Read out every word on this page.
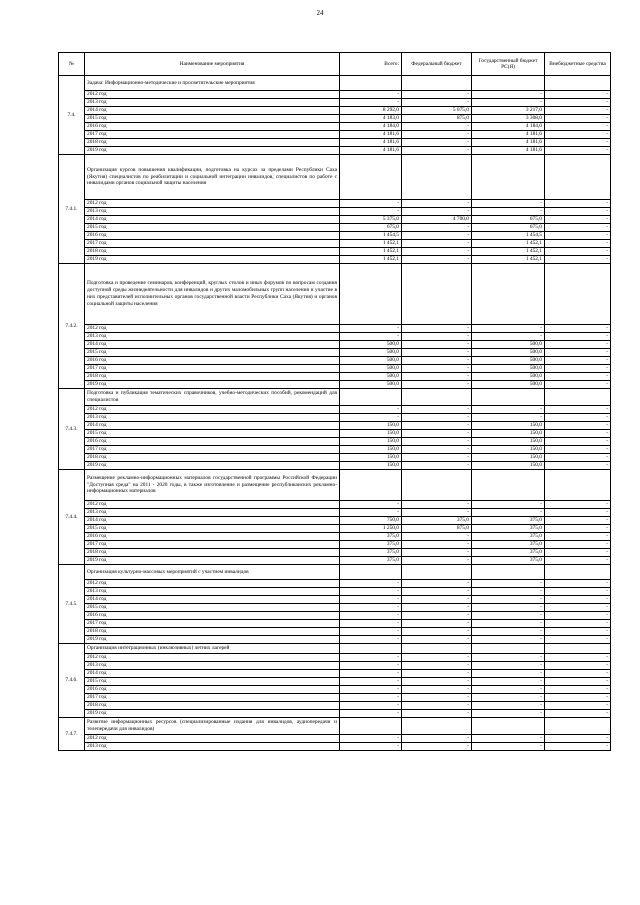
24
№	Наименование мероприятия	Всего:	Федеральный бюджет	Государственный бюджет РС(Я)	Внебюджетные средства
7.4.	Задача: Информационно-методические и просветительские мероприятия				
	2012 год	-	-	-	-
	2013 год	-	-	-	-
	2014 год	8 292,0	5 075,0	3 217,0	-
	2015 год	4 183,0	875,0	3 308,0	-
	2016 год	4 184,0	-	4 184,0	-
	2017 год	4 181,6	-	4 181,6	-
	2018 год	4 181,6	-	4 181,6	-
	2019 год	4 181,6	-	4 181,6	-
7.4.1.	Организация курсов повышения квалификации, подготовка на курсах за пределами Республики Саха (Якутия) специалистов по реабилитации и социальной интеграции инвалидов, специалистов по работе с инвалидами органов социальной защиты населения				
	2012 год	-	-	-	-
	2013 год	-	-	-	-
	2014 год	5 375,0	4 700,0	675,0	-
	2015 год	675,0	-	675,0	-
	2016 год	1 454,5	-	1 454,5	-
	2017 год	1 452,1	-	1 452,1	-
	2018 год	1 452,1	-	1 452,1	-
	2019 год	1 452,1	-	1 452,1	-
7.4.2.	Подготовка и проведение семинаров, конференций, круглых столов и иных форумов по вопросам создания доступной среды жизнедеятельности для инвалидов и других маломобильных групп населения и участие в них представителей исполнительных органов государственной власти Республики Саха (Якутия) и органов социальной защиты населения				
	2012 год	-	-	-	-
	2013 год	-	-	-	-
	2014 год	500,0	-	500,0	-
	2015 год	500,0	-	500,0	-
	2016 год	500,0	-	500,0	-
	2017 год	500,0	-	500,0	-
	2018 год	500,0	-	500,0	-
	2019 год	500,0	-	500,0	-
7.4.3.	Подготовка и публикация тематических справочников, учебно-методических пособий, рекомендаций для специалистов				
	2012 год	-	-	-	-
	2013 год	-	-	-	-
	2014 год	150,0	-	150,0	-
	2015 год	150,0	-	150,0	-
	2016 год	150,0	-	150,0	-
	2017 год	150,0	-	150,0	-
	2018 год	150,0	-	150,0	-
	2019 год	150,0	-	150,0	-
7.4.4.	Размещение рекламно-информационных материалов государственной программы Российской Федерации "Доступная среда" на 2011 - 2020 годы, в также изготовление и размещение республиканских рекламно-информационных материалов				
	2012 год	-	-	-	-
	2013 год	-	-	-	-
	2014 год	750,0	375,0	375,0	-
	2015 год	1 250,0	875,0	375,0	-
	2016 год	375,0	-	375,0	-
	2017 год	375,0	-	375,0	-
	2018 год	375,0	-	375,0	-
	2019 год	375,0	-	375,0	-
7.4.5.	Организация культурно-массовых мероприятий с участием инвалидов				
	2012 год	-	-	-	-
	2013 год	-	-	-	-
	2014 год	-	-	-	-
	2015 год	-	-	-	-
	2016 год	-	-	-	-
	2017 год	-	-	-	-
	2018 год	-	-	-	-
	2019 год	-	-	-	-
7.4.6.	Организация интеграционных (инклюзивных) летних лагерей				
	2012 год	-	-	-	-
	2013 год	-	-	-	-
	2014 год	-	-	-	-
	2015 год	-	-	-	-
	2016 год	-	-	-	-
	2017 год	-	-	-	-
	2018 год	-	-	-	-
	2019 год	-	-	-	-
7.4.7.	Развитие информационных ресурсов (специализированные издания для инвалидов, аудиопередачи и телепередачи для инвалидов)				
	2012 год	-	-	-	-
	2013 год	-	-	-	-
